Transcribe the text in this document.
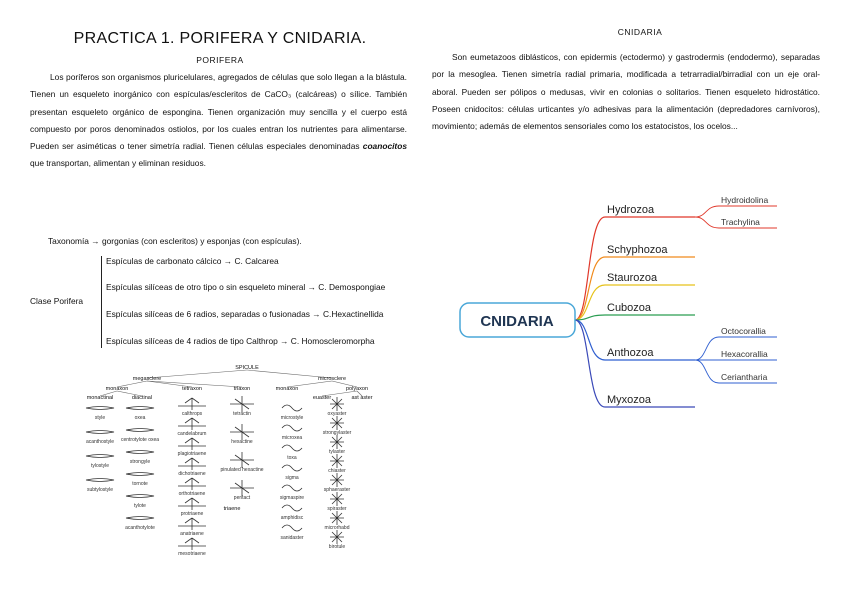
PRACTICA 1. PORIFERA Y CNIDARIA.
PORIFERA

Los poríferos son organismos pluricelulares, agregados de células que solo llegan a la blástula. Tienen un esqueleto inorgánico con espículas/escleritos de CaCO₃ (calcáreas) o sílice. También presentan esqueleto orgánico de espongina. Tienen organización muy sencilla y el cuerpo está compuesto por poros denominados ostiolos, por los cuales entran los nutrientes para alimentarse. Pueden ser asiméticas o tener simetría radial. Tienen células especiales denominadas coanocitos que transportan, alimentan y eliminan residuos.

Taxonomía → gorgonias (con escleritos) y esponjas (con espículas).
Clase Porifera
Espículas de carbonato cálcico → C. Calcarea
Espículas silíceas de otro tipo o sin esqueleto mineral → C. Demospongiae
Espículas silíceas de 6 radios, separadas o fusionadas → C.Hexactinellida
Espículas silíceas de 4 radios de tipo Calthrop → C. Homoscleromorpha
SPICULE
megasclere	microsclere
monaxon	tetraxon	triaxon	monaxon	polyaxon
monactinal	diactinal	euaster	ast aster
triaene
style
acanthostyle
tylostyle
subtylostyle
oxea
centrotylote oxea
strongyle
tornote
tylote
acanthotylote
calthrops
candelabrum
plagiotriaene
dichotriaene
orthotriaene
protriaene
anatriaene
mesotriaene
tetractin
hexactine
pinulated hexactine
pentact
microstyle
microxea
toxa
sigma
sigmaspire
amphidisc
sanidaster
oxyaster
strongylaster
tylaster
chiaster
sphaeraster
spiraster
microrhabd
birotule
CNIDARIA

Son eumetazoos diblásticos, con epidermis (ectodermo) y gastrodermis (endodermo), separadas por la mesoglea. Tienen simetría radial primaria, modificada a tetrarradial/birradial con un eje oral-aboral. Pueden ser pólipos o medusas, vivir en colonias o solitarios. Tienen esqueleto hidrostático. Poseen cnidocitos: células urticantes y/o adhesivas para la alimentación (depredadores carnívoros), movimiento; además de elementos sensoriales como los estatocistos, los ocelos...

CNIDARIA
Hydrozoa
Hydroidolina
Trachylina
Schyphozoa
Staurozoa
Cubozoa
Anthozoa
Octocorallia
Hexacorallia
Ceriantharia
Myxozoa
